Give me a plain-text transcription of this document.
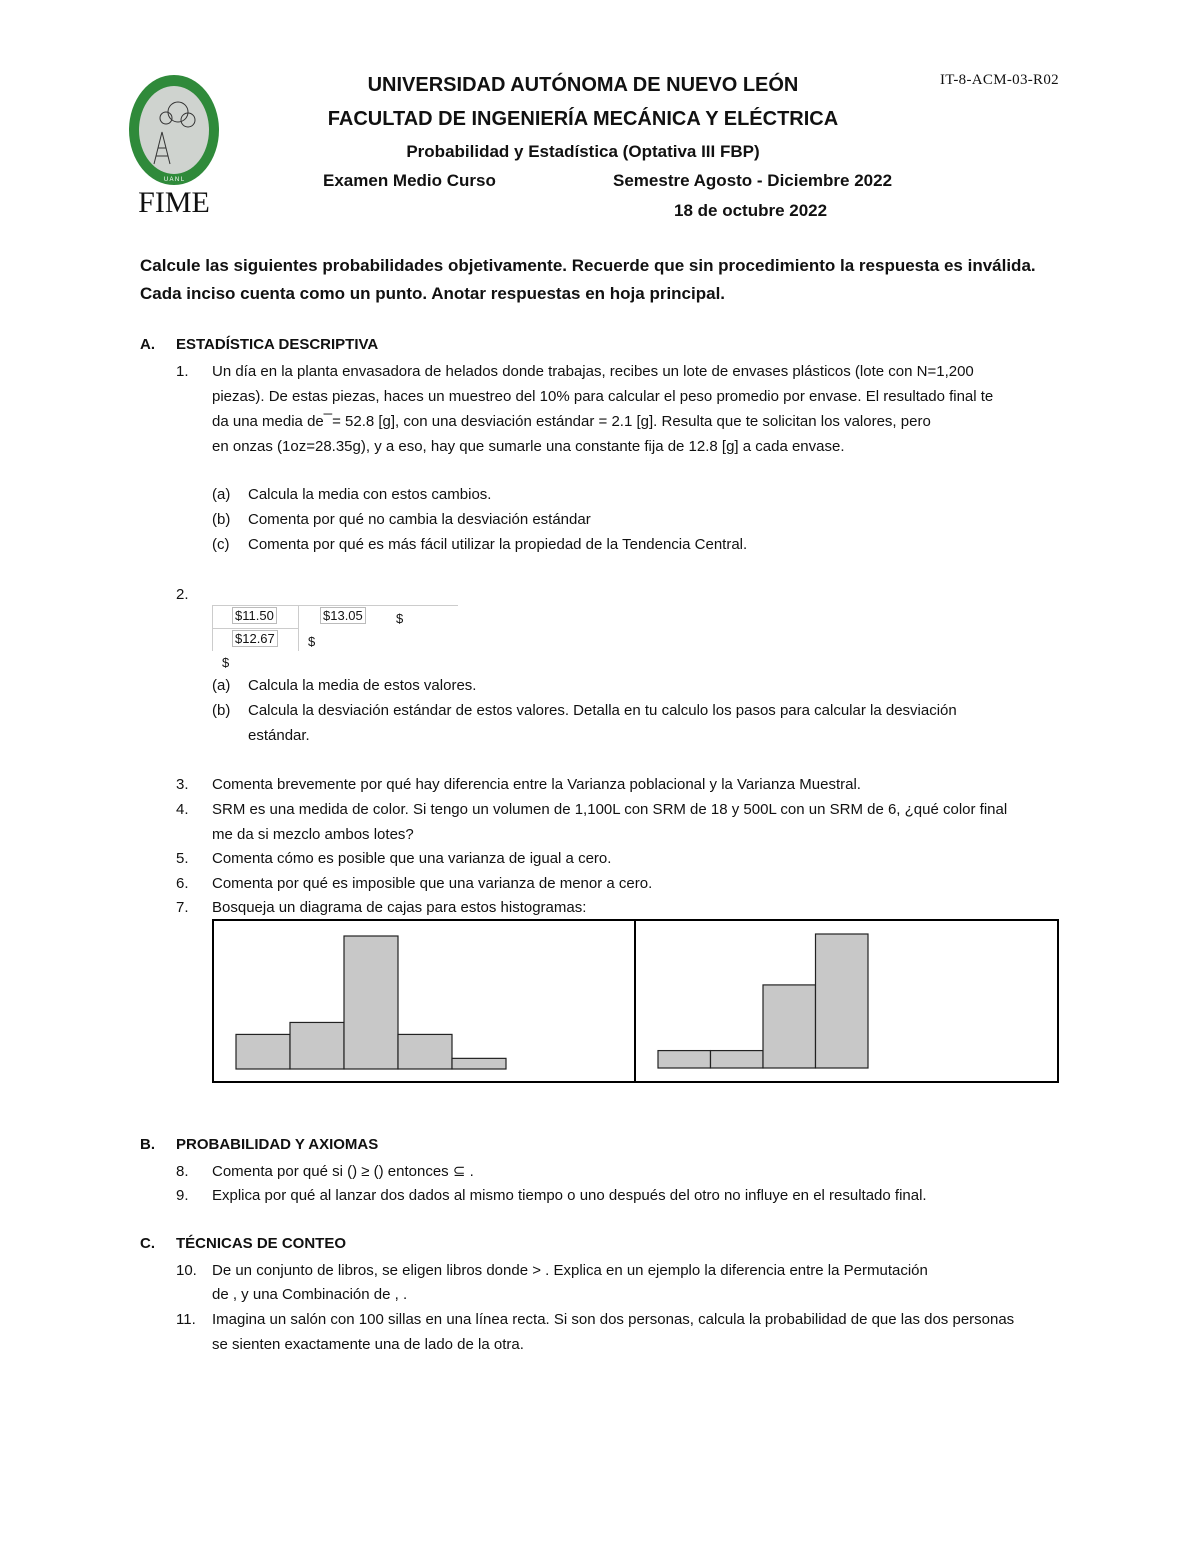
U A N L
FIME
IT-8-ACM-03-R02
UNIVERSIDAD AUTÓNOMA DE NUEVO LEÓN
FACULTAD DE INGENIERÍA MECÁNICA Y ELÉCTRICA
Probabilidad y Estadística (Optativa III FBP)
Examen Medio Curso	Semestre Agosto - Diciembre 2022
18 de octubre 2022
Calcule las siguientes probabilidades objetivamente. Recuerde que sin procedimiento la respuesta es inválida.
Cada inciso cuenta como un punto. Anotar respuestas en hoja principal.
A. ESTADÍSTICA DESCRIPTIVA
1.	Un día en la planta envasadora de helados donde trabajas, recibes un lote de envases plásticos (lote con N=1,200
piezas). De estas piezas, haces un muestreo del 10% para calcular el peso promedio por envase. El resultado final te
da una media de ̅ = 52.8 [g], con una desviación estándar = 2.1 [g]. Resulta que te solicitan los valores, pero
en onzas (1oz=28.35g), y a eso, hay que sumarle una constante fija de 12.8 [g] a cada envase.
(a) Calcula la media con estos cambios.
(b) Comenta por qué no cambia la desviación estándar
(c) Comenta por qué es más fácil utilizar la propiedad de la Tendencia Central.
2.
$11.50	$13.05	$
$12.67	$
$
(a) Calcula la media de estos valores.
(b) Calcula la desviación estándar de estos valores. Detalla en tu calculo los pasos para calcular la desviación
estándar.
3.	Comenta brevemente por qué hay diferencia entre la Varianza poblacional y la Varianza Muestral.
4.	SRM es una medida de color. Si tengo un volumen de 1,100L con SRM de 18 y 500L con un SRM de 6, ¿qué color final
me da si mezclo ambos lotes?
5.	Comenta cómo es posible que una varianza de igual a cero.
6.	Comenta por qué es imposible que una varianza de menor a cero.
7.	Bosqueja un diagrama de cajas para estos histogramas:
B. PROBABILIDAD Y AXIOMAS
8.	Comenta por qué si () ≥ () entonces ⊆ .
9.	Explica por qué al lanzar dos dados al mismo tiempo o uno después del otro no influye en el resultado final.
C. TÉCNICAS DE CONTEO
10.	De un conjunto de libros, se eligen libros donde > . Explica en un ejemplo la diferencia entre la Permutación
de , y una Combinación de , .
11.	Imagina un salón con 100 sillas en una línea recta. Si son dos personas, calcula la probabilidad de que las dos personas
se sienten exactamente una de lado de la otra.
